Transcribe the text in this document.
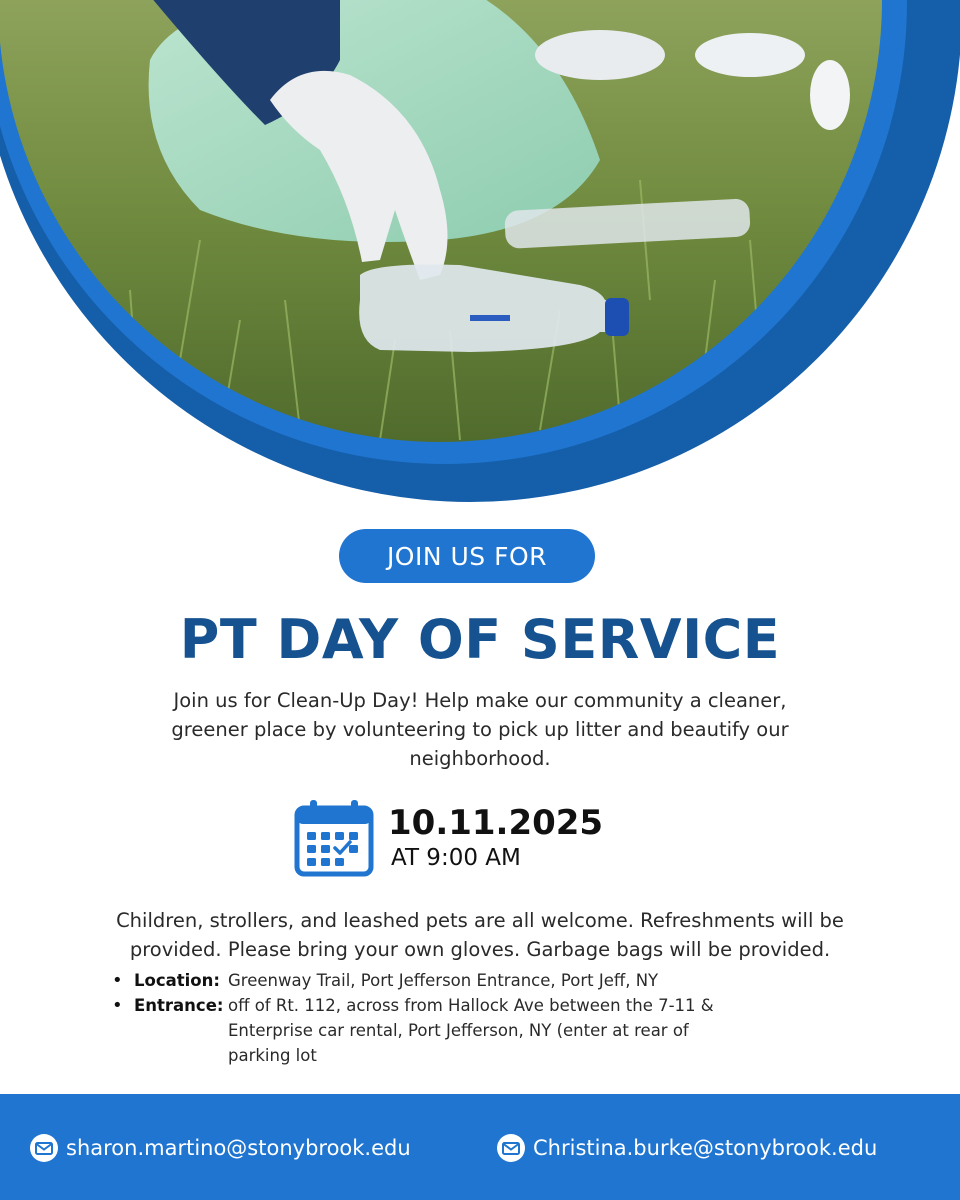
JOIN US FOR
PT DAY OF SERVICE

Join us for Clean-Up Day! Help make our community a cleaner, greener place by volunteering to pick up litter and beautify our neighborhood.

10.11.2025

AT 9:00 AM

Children, strollers, and leashed pets are all welcome. Refreshments will be provided. Please bring your own gloves. Garbage bags will be provided.

• Location: Greenway Trail, Port Jefferson Entrance, Port Jeff, NY
• Entrance: off of Rt. 112, across from Hallock Ave between the 7-11 & Enterprise car rental, Port Jefferson, NY (enter at rear of parking lot
sharon.martino@stonybrook.edu	Christina.burke@stonybrook.edu
